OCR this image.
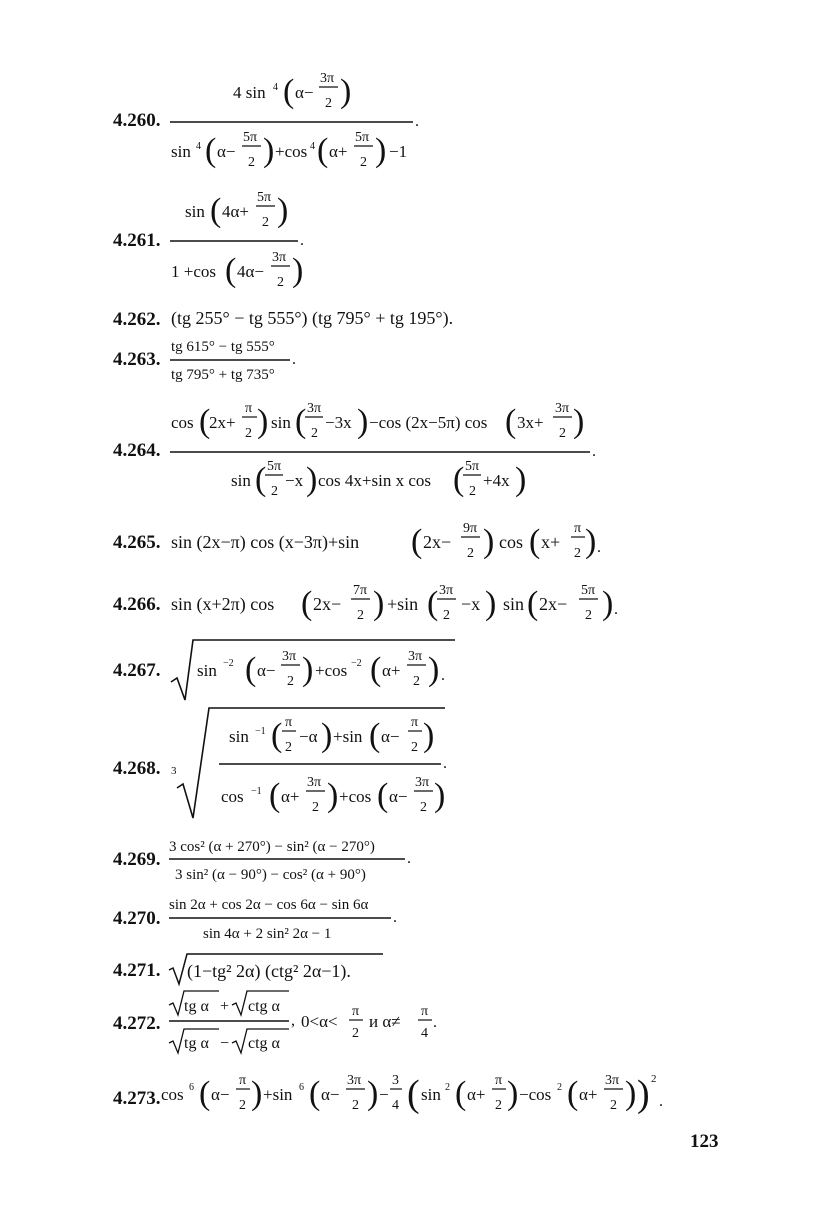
4.260.
4 sin 4 ( α−
3π
2 )
.
sin 4 ( α−
5π
2 ) +cos 4 ( α+
5π
2 ) −1
4.261.
sin ( 4α+
5π
2 )
.
1 +cos ( 4α−
3π
2 )
4.262. (tg 255° − tg 555°) (tg 795° + tg 195°).
4.263.
tg 615° − tg 555°
.
tg 795° + tg 735°
4.264.
cos (
2x+
π
2 ) sin ( 3π
2
−3x ) −cos (2x−5π) cos ( 3x+
3π
2 )
.
sin ( 5π
2
−x ) cos 4x+sin x cos ( 5π
2
+4x )
4.265. sin (2x−π) cos (x−3π)+sin ( 2x−
9π
2 ) cos ( x+
π
2 ) .
4.266. sin (x+2π) cos ( 2x−
7π
2 ) +sin ( 3π
2
−x ) sin ( 2x−
5π
2 ) .
4.267. sin −2 ( α−
3π
2 ) +cos −2 ( α+
3π
2 ) .
4.268. 3
sin −1 ( π
2
−α ) +sin ( α−
π
2 )
.
cos −1 ( α+
3π
2 ) +cos ( α−
3π
2 )
4.269.
3 cos² (α + 270°) − sin² (α − 270°)
.
3 sin² (α − 90°) − cos² (α + 90°)
4.270.
sin 2α + cos 2α − cos 6α − sin 6α
.
sin 4α + 2 sin² 2α − 1
4.271. (1−tg² 2α) (ctg² 2α−1).
4.272.
tg α + ctg α
,
tg α − ctg α
0<α<
π
2
и α≠
π
4
.
4.273. cos 6 ( α−
π
2 ) +sin 6 ( α−
3π
2 ) −
3
4 ( sin 2 ( α+
π
2 ) −cos 2 ( α+
3π
2 ) ) 2
.
123
